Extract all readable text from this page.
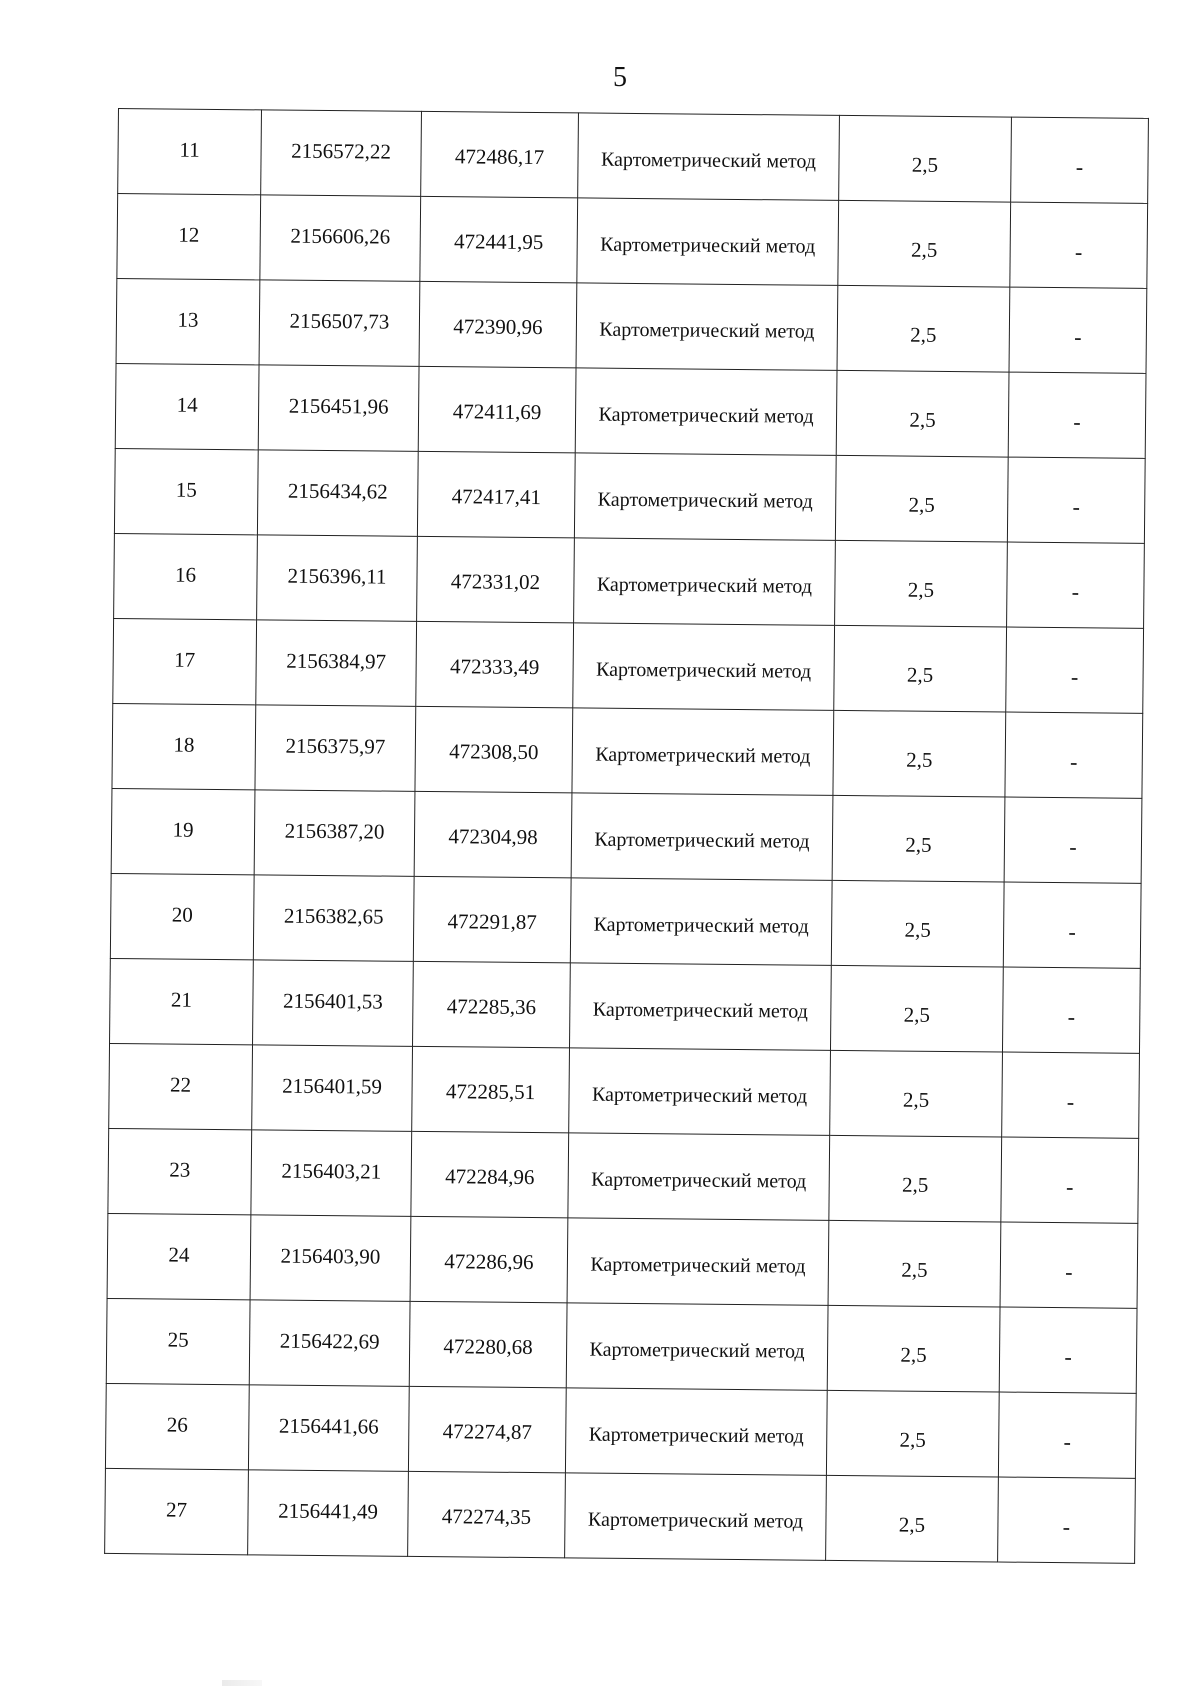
5
11	2156572,22	472486,17	Картометрический метод	2,5	-
12	2156606,26	472441,95	Картометрический метод	2,5	-
13	2156507,73	472390,96	Картометрический метод	2,5	-
14	2156451,96	472411,69	Картометрический метод	2,5	-
15	2156434,62	472417,41	Картометрический метод	2,5	-
16	2156396,11	472331,02	Картометрический метод	2,5	-
17	2156384,97	472333,49	Картометрический метод	2,5	-
18	2156375,97	472308,50	Картометрический метод	2,5	-
19	2156387,20	472304,98	Картометрический метод	2,5	-
20	2156382,65	472291,87	Картометрический метод	2,5	-
21	2156401,53	472285,36	Картометрический метод	2,5	-
22	2156401,59	472285,51	Картометрический метод	2,5	-
23	2156403,21	472284,96	Картометрический метод	2,5	-
24	2156403,90	472286,96	Картометрический метод	2,5	-
25	2156422,69	472280,68	Картометрический метод	2,5	-
26	2156441,66	472274,87	Картометрический метод	2,5	-
27	2156441,49	472274,35	Картометрический метод	2,5	-
